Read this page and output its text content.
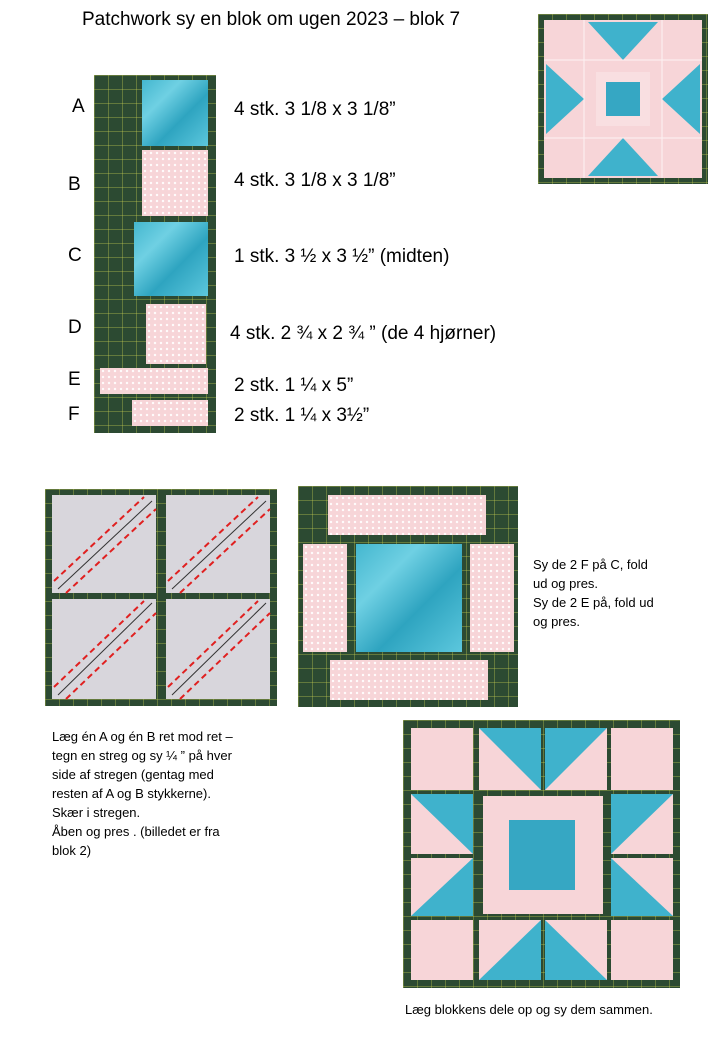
Patchwork sy en blok om ugen 2023 – blok 7
A
B
C
D
E
F
4 stk. 3 1/8 x 3 1/8”
4 stk. 3 1/8 x 3 1/8”
1 stk. 3 ½ x 3 ½” (midten)
4 stk. 2 ¾ x 2 ¾ ” (de 4 hjørner)
2 stk. 1 ¼ x 5”
2 stk. 1 ¼ x 3½”
Sy de 2 F på C, fold
ud og pres.
Sy de 2 E på, fold ud
og pres.
Læg én A og én B ret mod ret –
tegn en streg og sy ¼ ” på hver
side af stregen (gentag med
resten af A og B stykkerne).
Skær i stregen.
Åben og pres . (billedet er fra
blok 2)
Læg blokkens dele op og sy dem sammen.
